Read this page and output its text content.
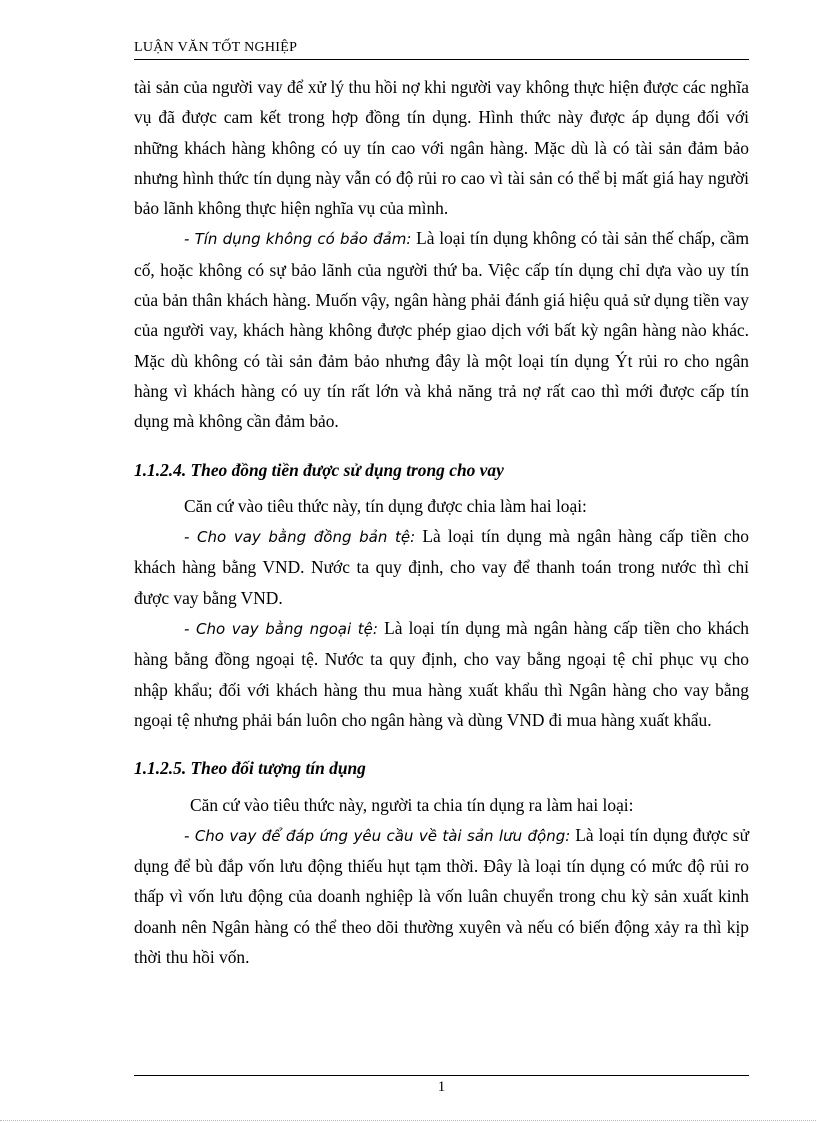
LUẬN VĂN TỐT NGHIỆP

tài sản của người vay để xử lý thu hồi nợ khi người vay không thực hiện được các nghĩa vụ đã được cam kết trong hợp đồng tín dụng. Hình thức này được áp dụng đối với những khách hàng không có uy tín cao với ngân hàng. Mặc dù là có tài sản đảm bảo nhưng hình thức tín dụng này vẫn có độ rủi ro cao vì tài sản có thể bị mất giá hay người bảo lãnh không thực hiện nghĩa vụ của mình.

- Tín dụng không có bảo đảm: Là loại tín dụng không có tài sản thế chấp, cầm cố, hoặc không có sự bảo lãnh của người thứ ba. Việc cấp tín dụng chỉ dựa vào uy tín của bản thân khách hàng. Muốn vậy, ngân hàng phải đánh giá hiệu quả sử dụng tiền vay của người vay, khách hàng không được phép giao dịch với bất kỳ ngân hàng nào khác. Mặc dù không có tài sản đảm bảo nhưng đây là một loại tín dụng Ýt rủi ro cho ngân hàng vì khách hàng có uy tín rất lớn và khả năng trả nợ rất cao thì mới được cấp tín dụng mà không cần đảm bảo.

1.1.2.4. Theo đồng tiền được sử dụng trong cho vay

Căn cứ vào tiêu thức này, tín dụng được chia làm hai loại:

- Cho vay bằng đồng bản tệ: Là loại tín dụng mà ngân hàng cấp tiền cho khách hàng bằng VND. Nước ta quy định, cho vay để thanh toán trong nước thì chỉ được vay bằng VND.

- Cho vay bằng ngoại tệ: Là loại tín dụng mà ngân hàng cấp tiền cho khách hàng bằng đồng ngoại tệ. Nước ta quy định, cho vay bằng ngoại tệ chỉ phục vụ cho nhập khẩu; đối với khách hàng thu mua hàng xuất khẩu thì Ngân hàng cho vay bằng ngoại tệ nhưng phải bán luôn cho ngân hàng và dùng VND đi mua hàng xuất khẩu.

1.1.2.5. Theo đối tượng tín dụng

Căn cứ vào tiêu thức này, người ta chia tín dụng ra làm hai loại:

- Cho vay để đáp ứng yêu cầu về tài sản lưu động: Là loại tín dụng được sử dụng để bù đắp vốn lưu động thiếu hụt tạm thời. Đây là loại tín dụng có mức độ rủi ro thấp vì vốn lưu động của doanh nghiệp là vốn luân chuyển trong chu kỳ sản xuất kinh doanh nên Ngân hàng có thể theo dõi thường xuyên và nếu có biến động xảy ra thì kịp thời thu hồi vốn.

1
